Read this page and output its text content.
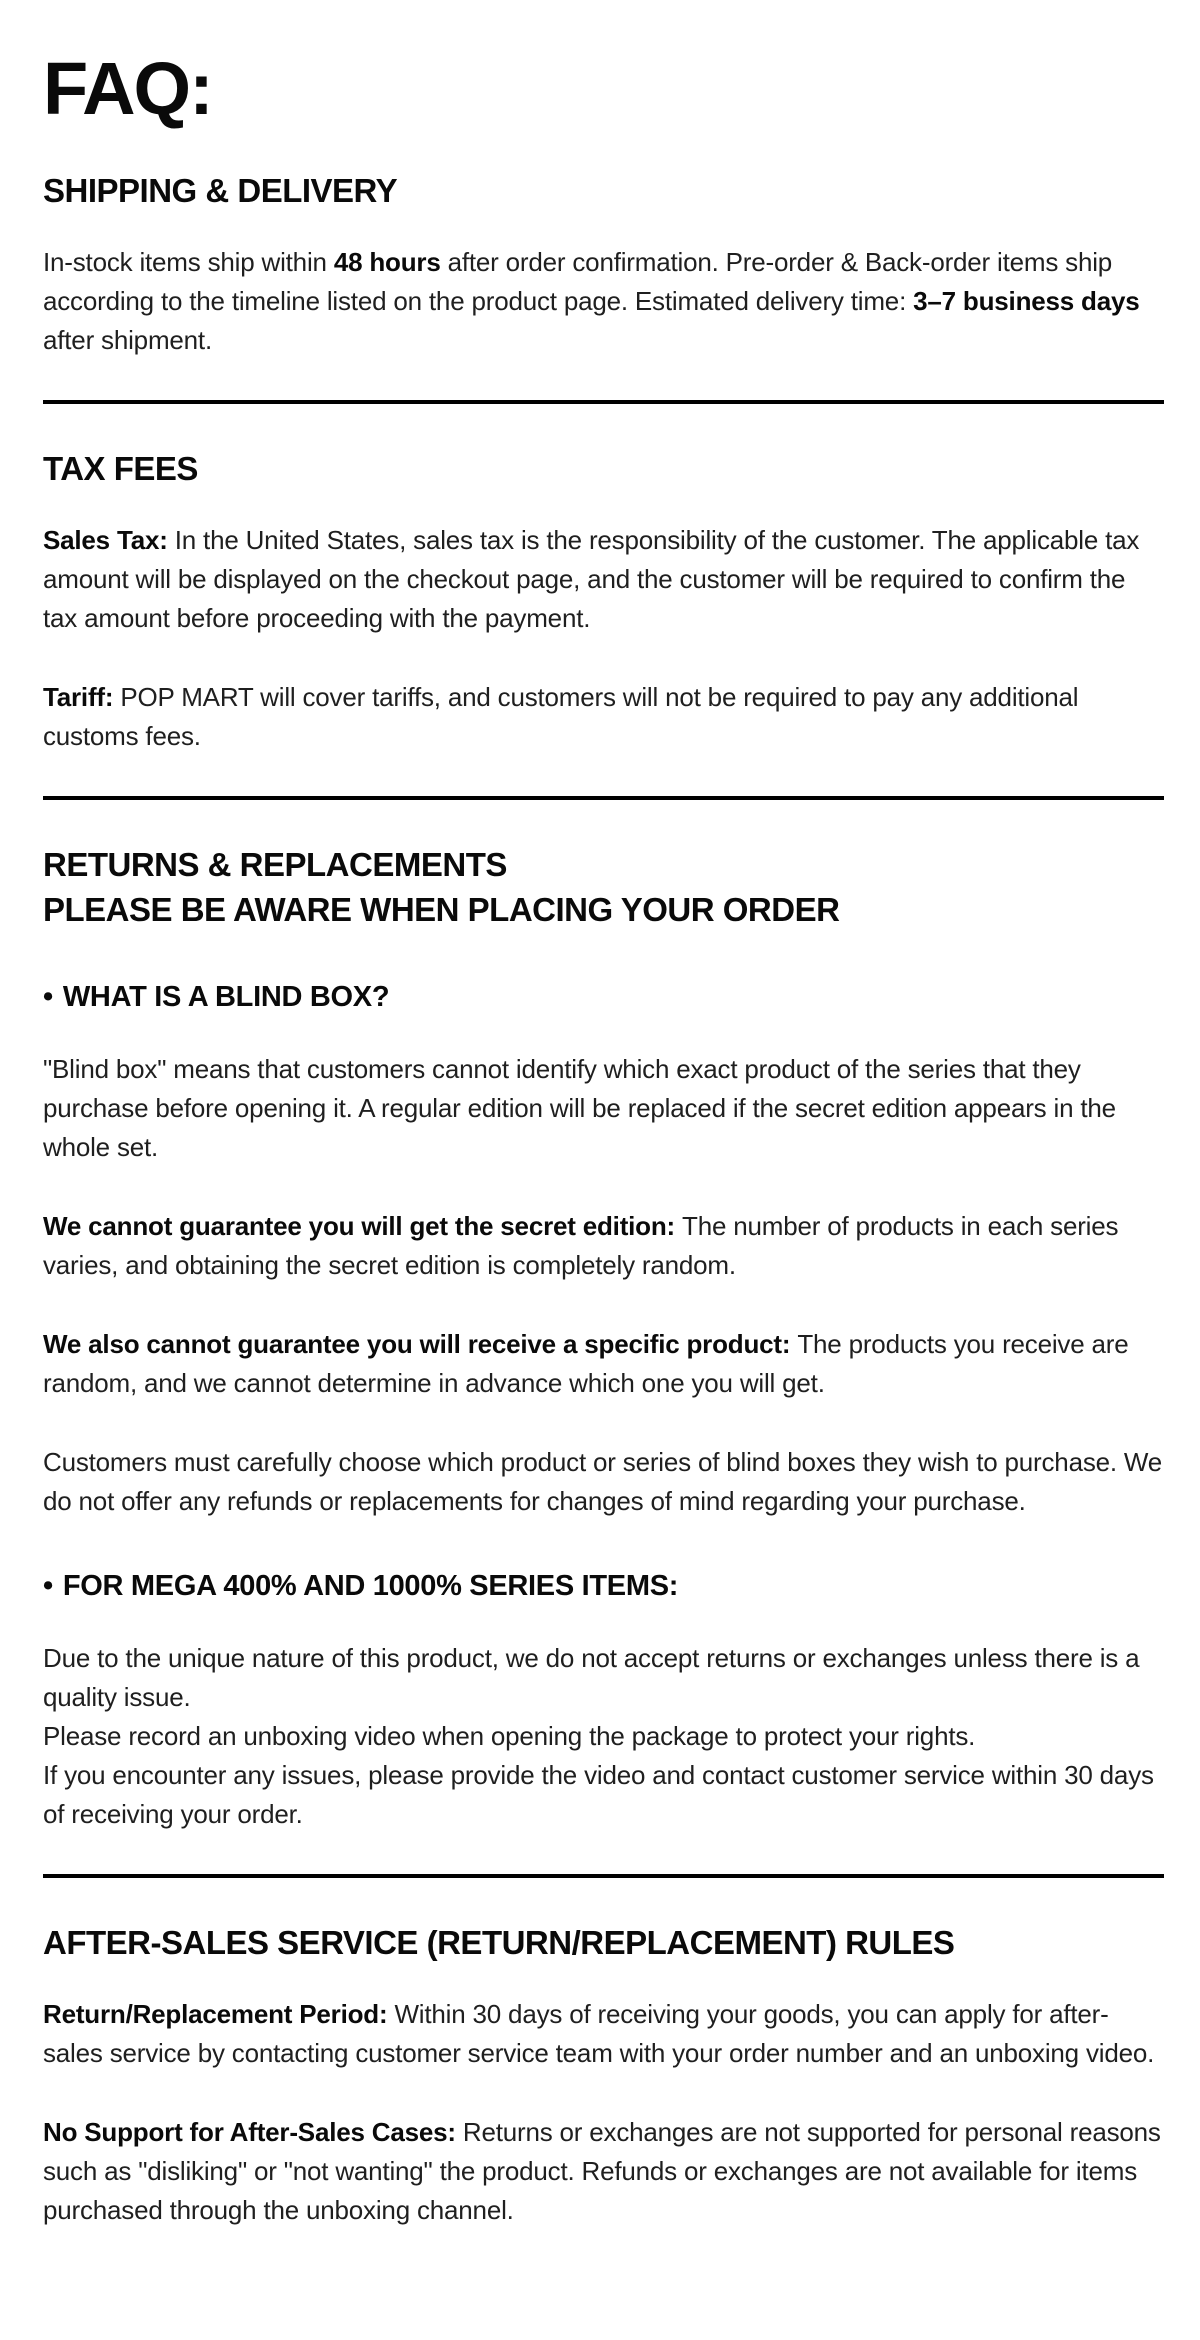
FAQ:
SHIPPING & DELIVERY

In-stock items ship within 48 hours after order confirmation. Pre-order & Back-order items ship according to the timeline listed on the product page. Estimated delivery time: 3–7 business days after shipment.

TAX FEES

Sales Tax: In the United States, sales tax is the responsibility of the customer. The applicable tax amount will be displayed on the checkout page, and the customer will be required to confirm the tax amount before proceeding with the payment.

Tariff: POP MART will cover tariffs, and customers will not be required to pay any additional customs fees.

RETURNS & REPLACEMENTS
PLEASE BE AWARE WHEN PLACING YOUR ORDER
• WHAT IS A BLIND BOX?

"Blind box" means that customers cannot identify which exact product of the series that they purchase before opening it. A regular edition will be replaced if the secret edition appears in the whole set.

We cannot guarantee you will get the secret edition: The number of products in each series varies, and obtaining the secret edition is completely random.

We also cannot guarantee you will receive a specific product: The products you receive are random, and we cannot determine in advance which one you will get.

Customers must carefully choose which product or series of blind boxes they wish to purchase. We do not offer any refunds or replacements for changes of mind regarding your purchase.

• FOR MEGA 400% AND 1000% SERIES ITEMS:

Due to the unique nature of this product, we do not accept returns or exchanges unless there is a quality issue.
Please record an unboxing video when opening the package to protect your rights.
If you encounter any issues, please provide the video and contact customer service within 30 days of receiving your order.

AFTER-SALES SERVICE (RETURN/REPLACEMENT) RULES

Return/Replacement Period: Within 30 days of receiving your goods, you can apply for after-sales service by contacting customer service team with your order number and an unboxing video.

No Support for After-Sales Cases: Returns or exchanges are not supported for personal reasons such as "disliking" or "not wanting" the product. Refunds or exchanges are not available for items purchased through the unboxing channel.
